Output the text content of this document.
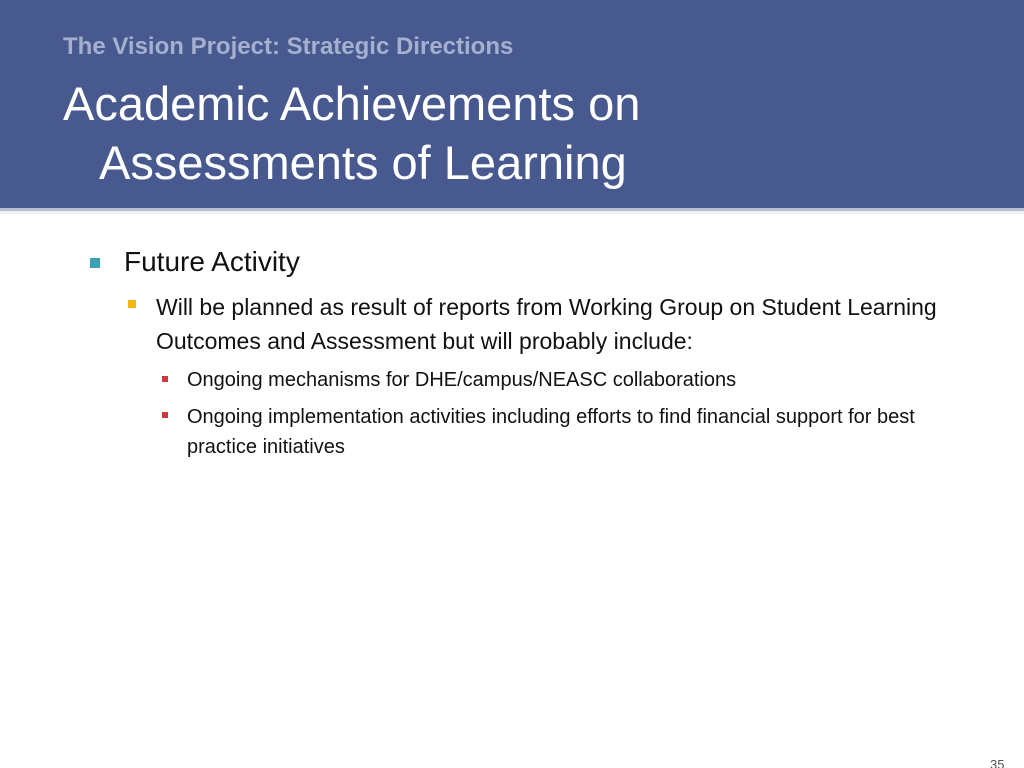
The Vision Project: Strategic Directions
Academic Achievements on
Assessments of Learning
Future Activity
Will be planned as result of reports from Working Group on Student Learning Outcomes and Assessment but will probably include:
Ongoing mechanisms for DHE/campus/NEASC collaborations
Ongoing implementation activities including efforts to find financial support for best practice initiatives
35
